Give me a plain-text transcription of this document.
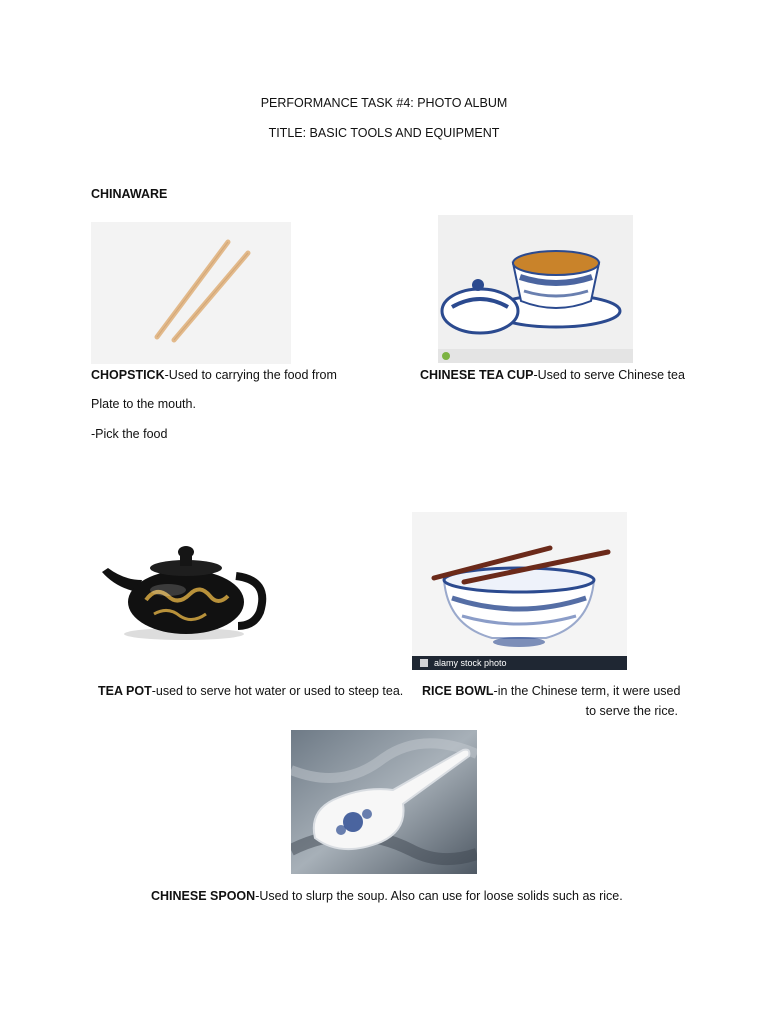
PERFORMANCE TASK #4: PHOTO ALBUM
TITLE: BASIC TOOLS AND EQUIPMENT
CHINAWARE
CHOPSTICK-Used to carrying the food from
Plate to the mouth.
-Pick the food
CHINESE TEA CUP-Used to serve Chinese tea
alamy stock photo
TEA POT-used to serve hot water or used to steep tea. RICE BOWL-in the Chinese term, it were used
to serve the rice.
CHINESE SPOON-Used to slurp the soup. Also can use for loose solids such as rice.
